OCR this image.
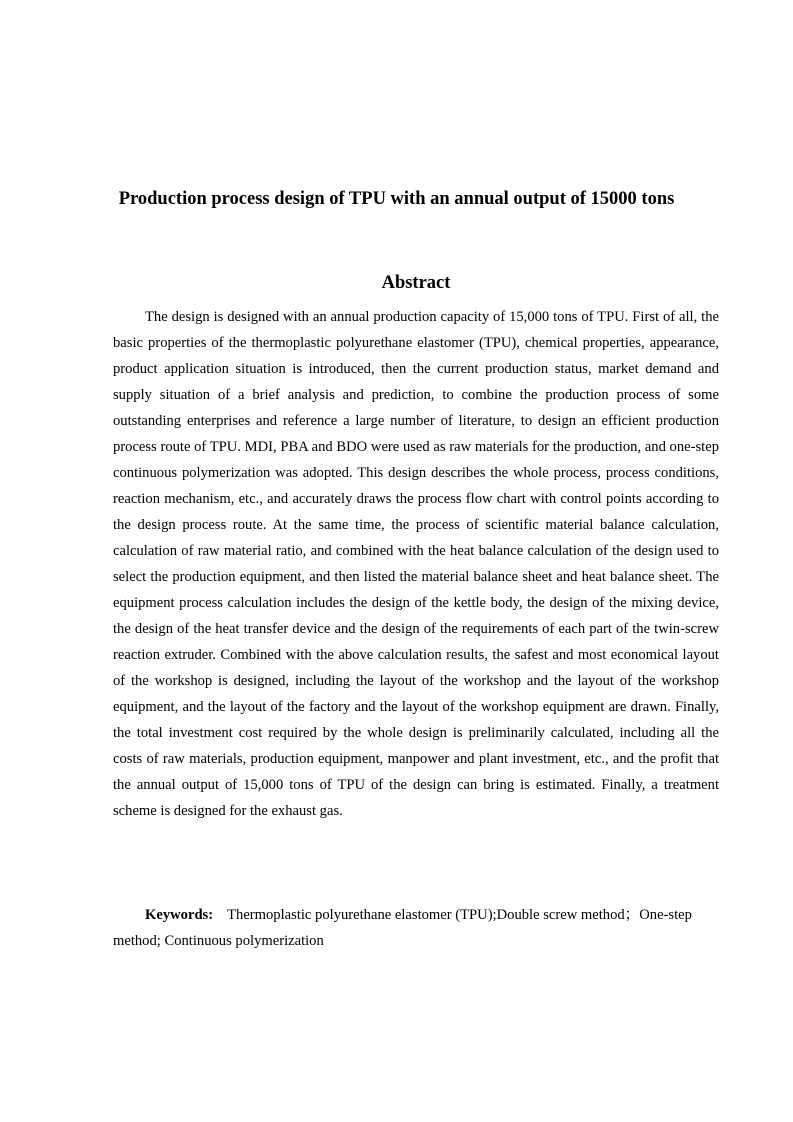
Production process design of TPU with an annual output of 15000 tons
Abstract

The design is designed with an annual production capacity of 15,000 tons of TPU. First of all, the basic properties of the thermoplastic polyurethane elastomer (TPU), chemical properties, appearance, product application situation is introduced, then the current production status, market demand and supply situation of a brief analysis and prediction, to combine the production process of some outstanding enterprises and reference a large number of literature, to design an efficient production process route of TPU. MDI, PBA and BDO were used as raw materials for the production, and one-step continuous polymerization was adopted. This design describes the whole process, process conditions, reaction mechanism, etc., and accurately draws the process flow chart with control points according to the design process route. At the same time, the process of scientific material balance calculation, calculation of raw material ratio, and combined with the heat balance calculation of the design used to select the production equipment, and then listed the material balance sheet and heat balance sheet. The equipment process calculation includes the design of the kettle body, the design of the mixing device, the design of the heat transfer device and the design of the requirements of each part of the twin-screw reaction extruder. Combined with the above calculation results, the safest and most economical layout of the workshop is designed, including the layout of the workshop and the layout of the workshop equipment, and the layout of the factory and the layout of the workshop equipment are drawn. Finally, the total investment cost required by the whole design is preliminarily calculated, including all the costs of raw materials, production equipment, manpower and plant investment, etc., and the profit that the annual output of 15,000 tons of TPU of the design can bring is estimated. Finally, a treatment scheme is designed for the exhaust gas.

Keywords: Thermoplastic polyurethane elastomer (TPU);Double screw method；One-step method; Continuous polymerization
